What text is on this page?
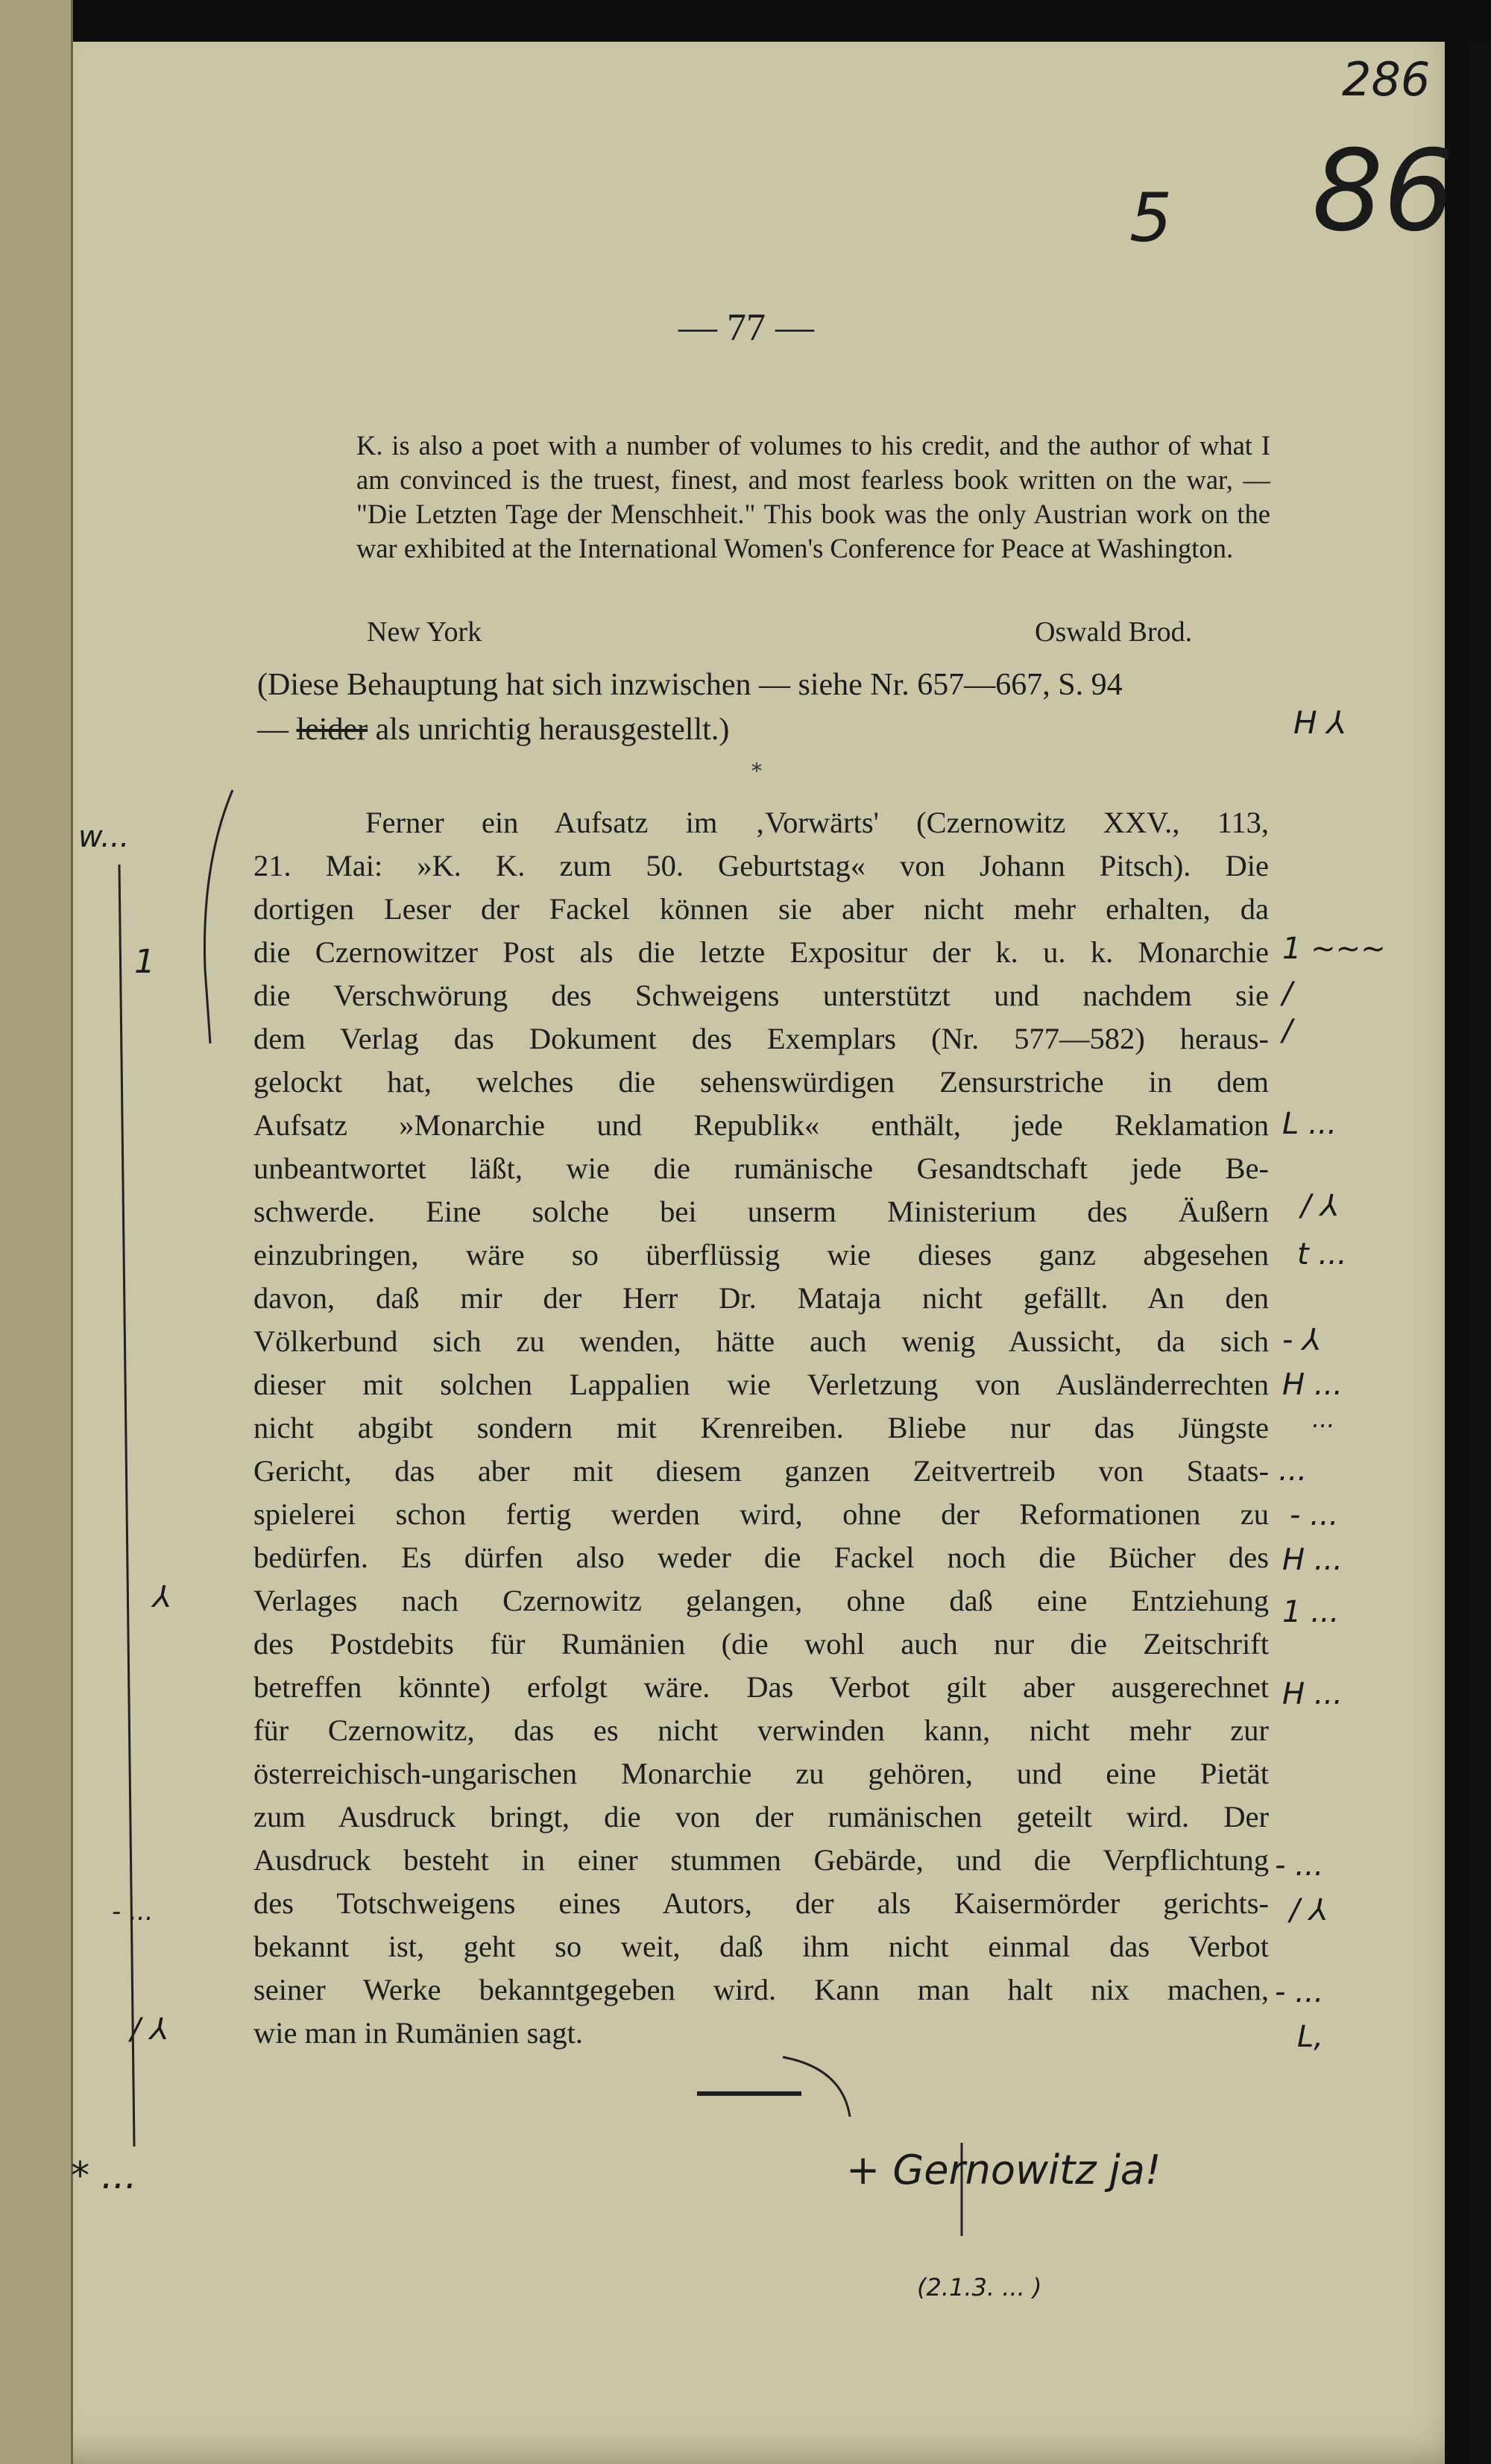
286
86
5
— 77 —
K. is also a poet with a number of volumes to his credit, and the author of what I am convinced is the truest, finest, and most fearless book written on the war, — "Die Letzten Tage der Menschheit." This book was the only Austrian work on the war exhibited at the International Women's Conference for Peace at Washington.
New York	Oswald Brod.
(Diese Behauptung hat sich inzwischen — siehe Nr. 657—667, S. 94
— leider als unrichtig herausgestellt.)	H ⅄
*
Ferner ein Aufsatz im ‚Vorwärts' (Czernowitz XXV., 113,
21. Mai: »K. K. zum 50. Geburtstag« von Johann Pitsch). Die
dortigen Leser der Fackel können sie aber nicht mehr erhalten, da
die Czernowitzer Post als die letzte Expositur der k. u. k. Monarchie
die Verschwörung des Schweigens unterstützt und nachdem sie
dem Verlag das Dokument des Exemplars (Nr. 577—582) heraus-
gelockt hat, welches die sehenswürdigen Zensurstriche in dem
Aufsatz »Monarchie und Republik« enthält, jede Reklamation
unbeantwortet läßt, wie die rumänische Gesandtschaft jede Be-
schwerde. Eine solche bei unserm Ministerium des Äußern
einzubringen, wäre so überflüssig wie dieses ganz abgesehen
davon, daß mir der Herr Dr. Mataja nicht gefällt. An den
Völkerbund sich zu wenden, hätte auch wenig Aussicht, da sich
dieser mit solchen Lappalien wie Verletzung von Ausländerrechten
nicht abgibt sondern mit Krenreiben. Bliebe nur das Jüngste
Gericht, das aber mit diesem ganzen Zeitvertreib von Staats-
spielerei schon fertig werden wird, ohne der Reformationen zu
bedürfen. Es dürfen also weder die Fackel noch die Bücher des
Verlages nach Czernowitz gelangen, ohne daß eine Entziehung
des Postdebits für Rumänien (die wohl auch nur die Zeitschrift
betreffen könnte) erfolgt wäre. Das Verbot gilt aber ausgerechnet
für Czernowitz, das es nicht verwinden kann, nicht mehr zur
österreichisch-ungarischen Monarchie zu gehören, und eine Pietät
zum Ausdruck bringt, die von der rumänischen geteilt wird. Der
Ausdruck besteht in einer stummen Gebärde, und die Verpflichtung
des Totschweigens eines Autors, der als Kaisermörder gerichts-
bekannt ist, geht so weit, daß ihm nicht einmal das Verbot
seiner Werke bekanntgegeben wird. Kann man halt nix machen,
wie man in Rumänien sagt.
1 ~~~
/
/
L ...
/ ⅄
t ...
- ⅄
H ...
...
...
- ...
H ...
1 ...
H ...
- ...
/ ⅄
- ...
L,
w...
1
⅄
- ...
/ ⅄
* ...	+ Gernowitz ja!
(2.1.3. ... )
